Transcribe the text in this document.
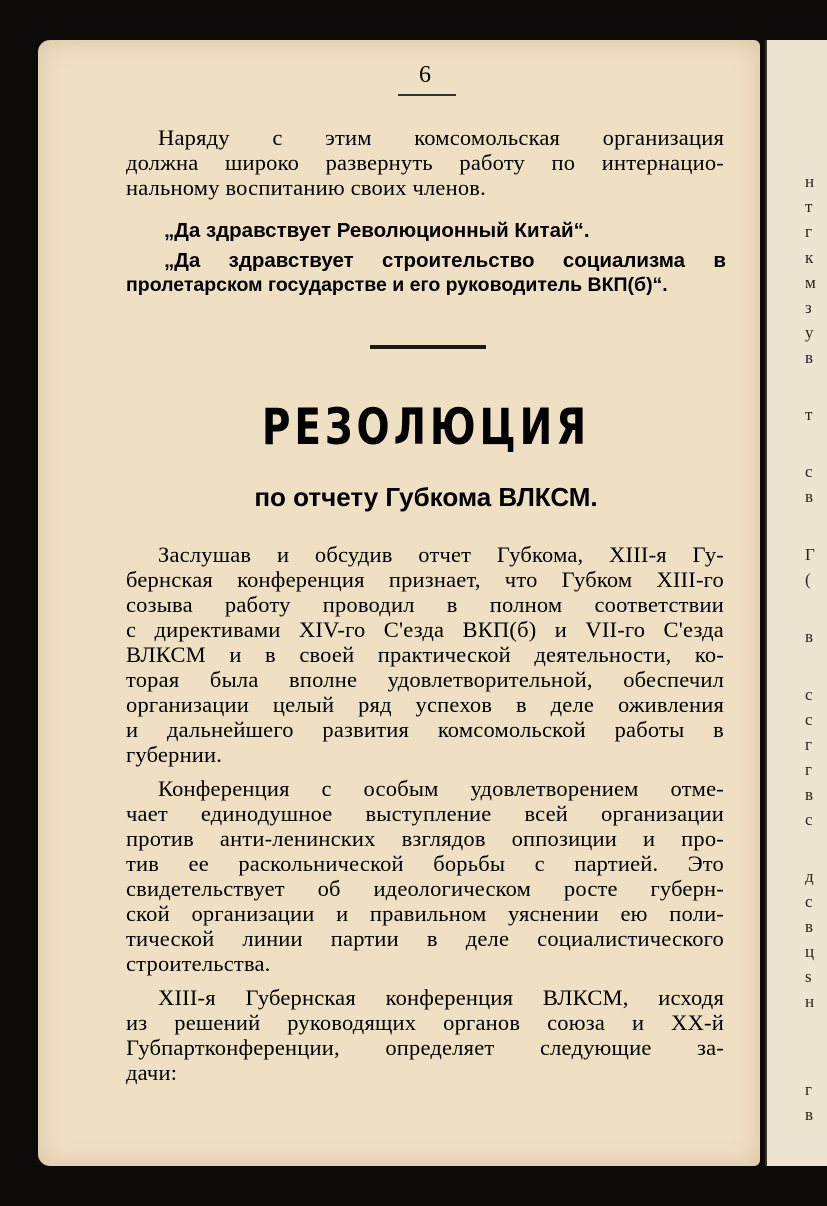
н
т
г
к
м
з
у
в
т
с
в
Г
(
в
с
с
г
г
в
с
д
с
в
ц
s
н
г
в
6
Наряду с этим комсомольская организация
должна широко развернуть работу по интернацио-
нальному воспитанию своих членов.
„Да здравствует Революционный Китай“.
„Да здравствует строительство социализма в
пролетарском государстве и его руководитель ВКП(б)“.
РЕЗОЛЮЦИЯ
по отчету Губкома ВЛКСМ.
Заслушав и обсудив отчет Губкома, XIII-я Гу-
бернская конференция признает, что Губком XIII-го
созыва работу проводил в полном соответствии
с директивами XIV-го С'езда ВКП(б) и VII-го С'езда
ВЛКСМ и в своей практической деятельности, ко-
торая была вполне удовлетворительной, обеспечил
организации целый ряд успехов в деле оживления
и дальнейшего развития комсомольской работы в
губернии.
Конференция с особым удовлетворением отме-
чает единодушное выступление всей организации
против анти-ленинских взглядов оппозиции и про-
тив ее раскольнической борьбы с партией. Это
свидетельствует об идеологическом росте губерн-
ской организации и правильном уяснении ею поли-
тической линии партии в деле социалистического
строительства.
XIII-я Губернская конференция ВЛКСМ, исходя
из решений руководящих органов союза и XX-й
Губпартконференции, определяет следующие за-
дачи:
